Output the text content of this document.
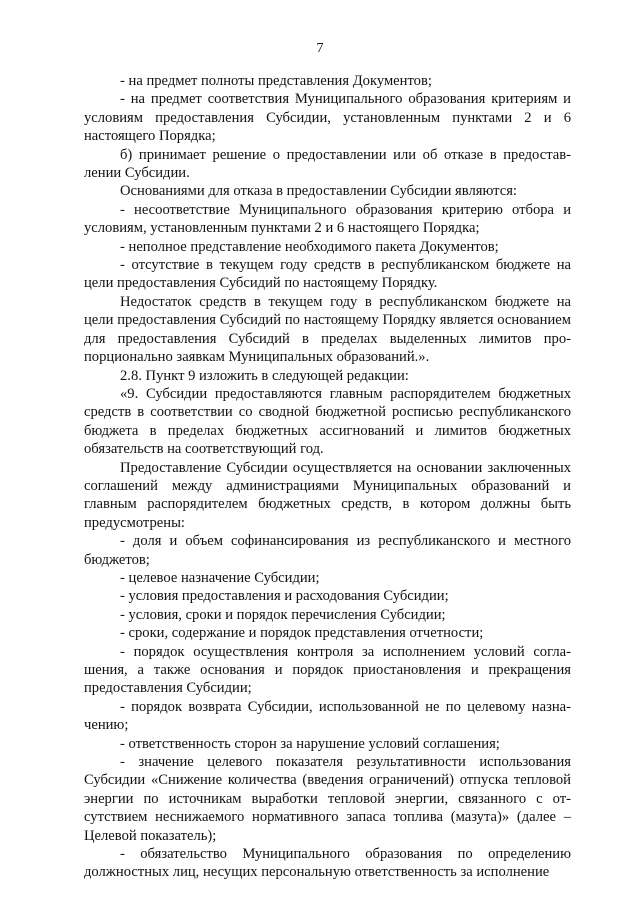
7

- на предмет полноты представления Документов;

- на предмет соответствия Муниципального образования критериям и условиям предоставления Субсидии, установленным пунктами 2 и 6 настоящего Порядка;

б) принимает решение о предоставлении или об отказе в предоставлении Субсидии.

Основаниями для отказа в предоставлении Субсидии являются:

- несоответствие Муниципального образования критерию отбора и условиям, установленным пунктами 2 и 6 настоящего Порядка;

- неполное представление необходимого пакета Документов;

- отсутствие в текущем году средств в республиканском бюджете на цели предоставления Субсидий по настоящему Порядку.

Недостаток средств в текущем году в республиканском бюджете на цели предоставления Субсидий по настоящему Порядку является основанием для предоставления Субсидий в пределах выделенных лимитов пропорционально заявкам Муниципальных образований.».

2.8. Пункт 9 изложить в следующей редакции:

«9. Субсидии предоставляются главным распорядителем бюджетных средств в соответствии со сводной бюджетной росписью республиканского бюджета в пределах бюджетных ассигнований и лимитов бюджетных обязательств на соответствующий год.

Предоставление Субсидии осуществляется на основании заключенных соглашений между администрациями Муниципальных образований и главным распорядителем бюджетных средств, в котором должны быть предусмотрены:

- доля и объем софинансирования из республиканского и местного бюджетов;

- целевое назначение Субсидии;

- условия предоставления и расходования Субсидии;

- условия, сроки и порядок перечисления Субсидии;

- сроки, содержание и порядок представления отчетности;

- порядок осуществления контроля за исполнением условий соглашения, а также основания и порядок приостановления и прекращения предоставления Субсидии;

- порядок возврата Субсидии, использованной не по целевому назначению;

- ответственность сторон за нарушение условий соглашения;

- значение целевого показателя результативности использования Субсидии «Снижение количества (введения ограничений) отпуска тепловой энергии по источникам выработки тепловой энергии, связанного с отсутствием неснижаемого нормативного запаса топлива (мазута)» (далее – Целевой показатель);

- обязательство Муниципального образования по определению должностных лиц, несущих персональную ответственность за исполнение
